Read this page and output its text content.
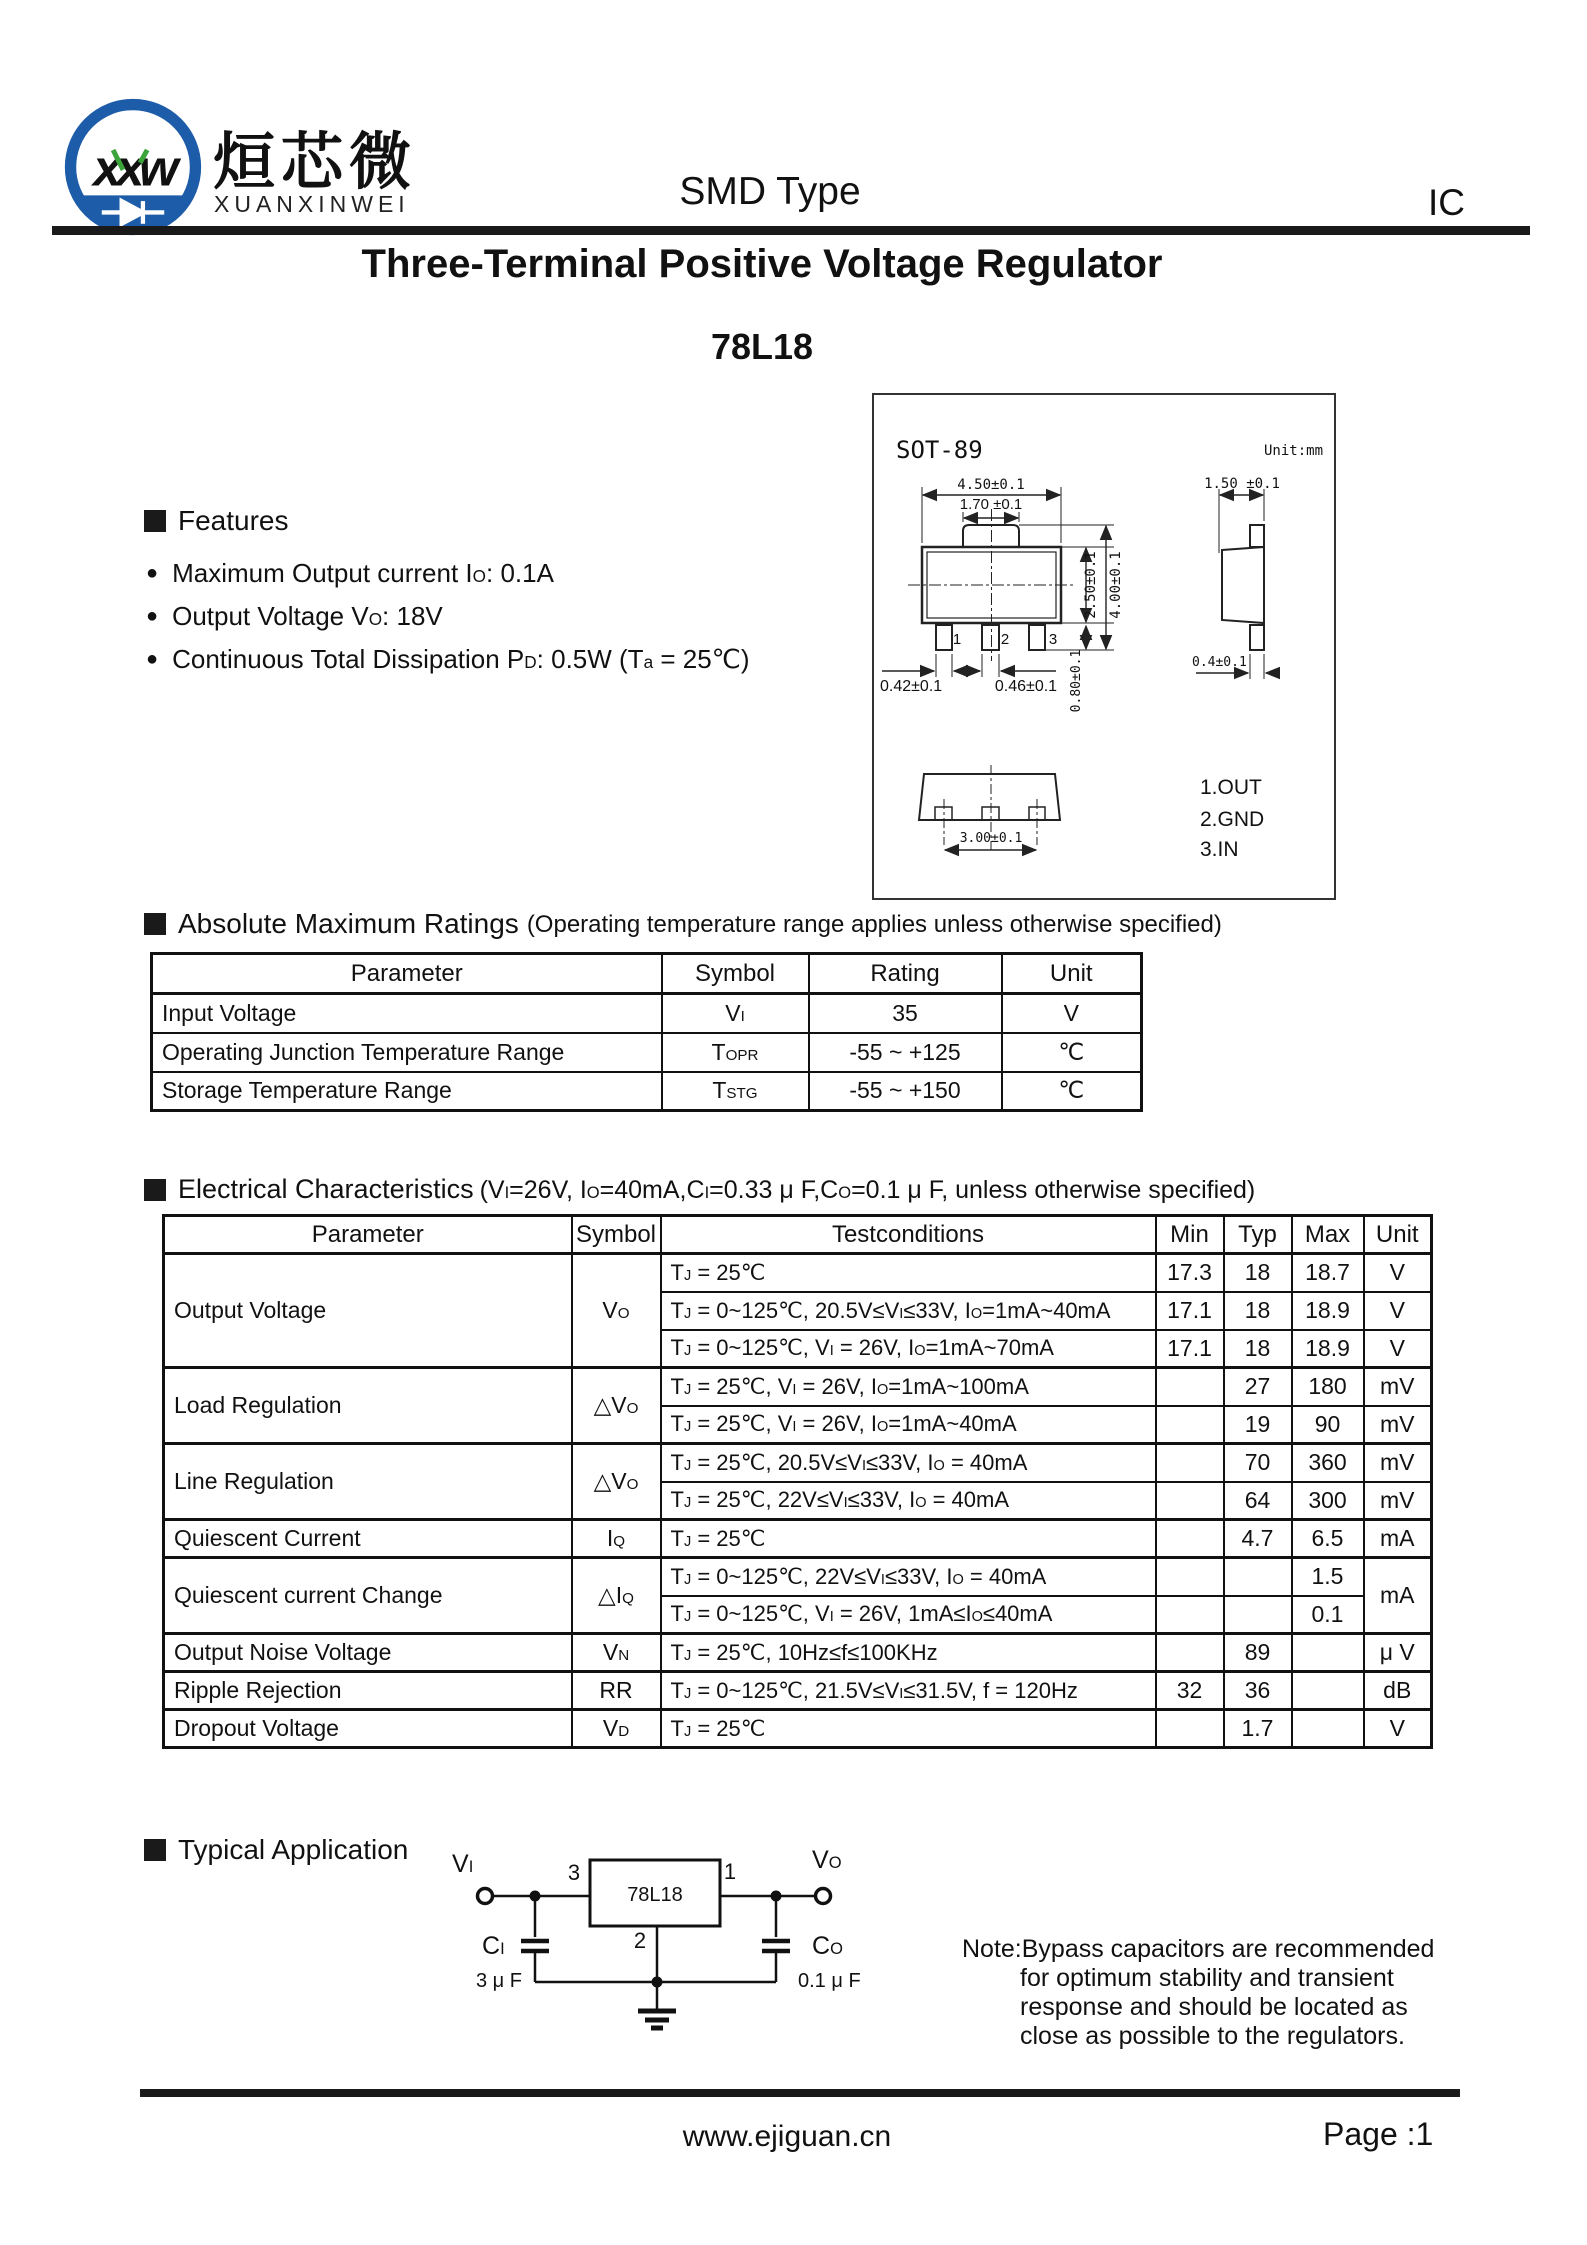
xxw 烜芯微
XUANXINWEI	SMD Type	IC
Three-Terminal Positive Voltage Regulator
78L18
Features
● Maximum Output current IO: 0.1A
● Output Voltage VO: 18V
● Continuous Total Dissipation PD: 0.5W (Ta = 25℃)
SOT-89	Unit:mm
1	2	3
4.50±0.1
1.70 ±0.1
2.50±0.1 4.00±0.1
0.42±0.1	0.46±0.1 0.80±0.1
1.50 ±0.1
0.4±0.1
3.00±0.1
1.OUT
2.GND
3.IN
Absolute Maximum Ratings (Operating temperature range applies unless otherwise specified)
Parameter	Symbol	Rating	Unit
Input Voltage	VI	35	V
Operating Junction Temperature Range	TOPR	-55 ~ +125	℃
Storage Temperature Range	TSTG	-55 ~ +150	℃
Electrical Characteristics (VI=26V, IO=40mA,CI=0.33 μ F,CO=0.1 μ F, unless otherwise specified)
Parameter	Symbol	Testconditions	Min	Typ	Max	Unit
Output Voltage	VO	TJ = 25℃	17.3	18	18.7	V
		TJ = 0~125℃, 20.5V≤VI≤33V, IO=1mA~40mA	17.1	18	18.9	V
		TJ = 0~125℃, VI = 26V, IO=1mA~70mA	17.1	18	18.9	V
Load Regulation	△VO	TJ = 25℃, VI = 26V, IO=1mA~100mA		27	180	mV
		TJ = 25℃, VI = 26V, IO=1mA~40mA		19	90	mV
Line Regulation	△VO	TJ = 25℃, 20.5V≤VI≤33V, IO = 40mA		70	360	mV
		TJ = 25℃, 22V≤VI≤33V, IO = 40mA		64	300	mV
Quiescent Current	IQ	TJ = 25℃		4.7	6.5	mA
Quiescent current Change	△IQ	TJ = 0~125℃, 22V≤VI≤33V, IO = 40mA			1.5	mA
		TJ = 0~125℃, VI = 26V, 1mA≤IO≤40mA			0.1	
Output Noise Voltage	VN	TJ = 25℃, 10Hz≤f≤100KHz		89		μ V
Ripple Rejection	RR	TJ = 0~125℃, 21.5V≤VI≤31.5V, f = 120Hz	32	36		dB
Dropout Voltage	VD	TJ = 25℃		1.7		V
Typical Application
3	1
2
78L18
VI	VO
CI
3 μ F
CO
0.1 μ F
Note:Bypass capacitors are recommended
for optimum stability and transient
response and should be located as
close as possible to the regulators.
www.ejiguan.cn	Page :1
